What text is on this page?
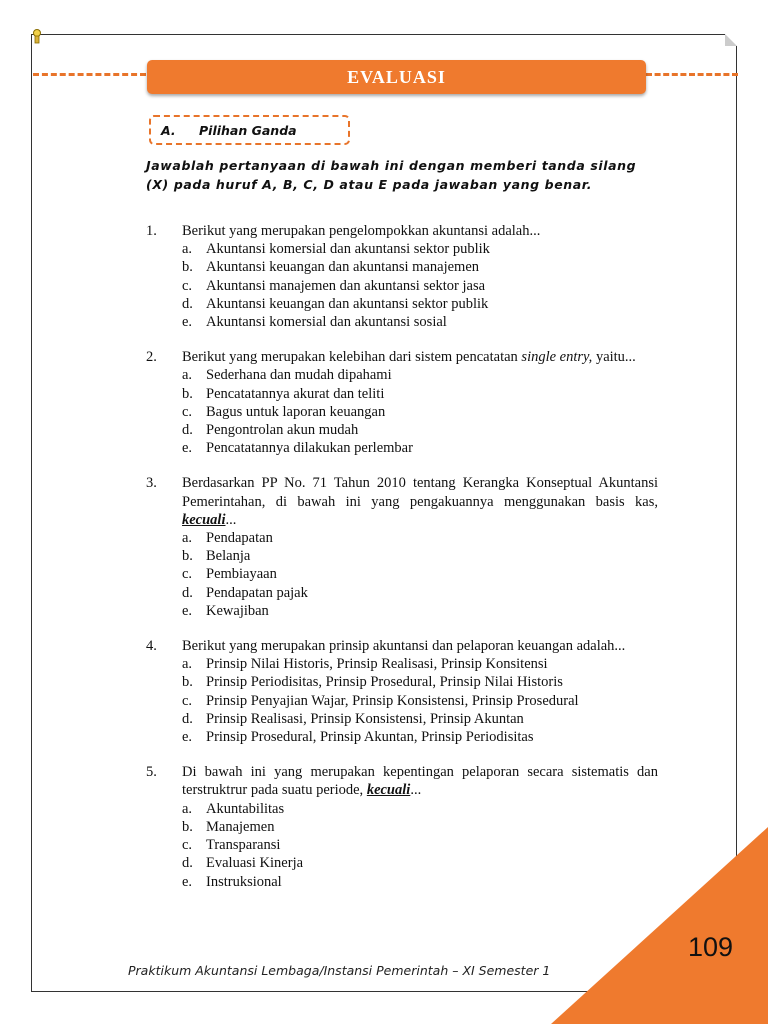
EVALUASI
A.	Pilihan Ganda
Jawablah pertanyaan di bawah ini dengan memberi tanda silang (X) pada huruf A, B, C, D atau E pada jawaban yang benar.
1. Berikut yang merupakan pengelompokkan akuntansi adalah...
a. Akuntansi komersial dan akuntansi sektor publik
b. Akuntansi keuangan dan akuntansi manajemen
c. Akuntansi manajemen dan akuntansi sektor jasa
d. Akuntansi keuangan dan akuntansi sektor publik
e. Akuntansi komersial dan akuntansi sosial
2. Berikut yang merupakan kelebihan dari sistem pencatatan single entry, yaitu...
a. Sederhana dan mudah dipahami
b. Pencatatannya akurat dan teliti
c. Bagus untuk laporan keuangan
d. Pengontrolan akun mudah
e. Pencatatannya dilakukan perlembar
3. Berdasarkan PP No. 71 Tahun 2010 tentang Kerangka Konseptual Akuntansi Pemerintahan, di bawah ini yang pengakuannya menggunakan basis kas, kecuali...
a. Pendapatan
b. Belanja
c. Pembiayaan
d. Pendapatan pajak
e. Kewajiban
4. Berikut yang merupakan prinsip akuntansi dan pelaporan keuangan adalah...
a. Prinsip Nilai Historis, Prinsip Realisasi, Prinsip Konsitensi
b. Prinsip Periodisitas, Prinsip Prosedural, Prinsip Nilai Historis
c. Prinsip Penyajian Wajar, Prinsip Konsistensi, Prinsip Prosedural
d. Prinsip Realisasi, Prinsip Konsistensi, Prinsip Akuntan
e. Prinsip Prosedural, Prinsip Akuntan, Prinsip Periodisitas
5. Di bawah ini yang merupakan kepentingan pelaporan secara sistematis dan terstruktrur pada suatu periode, kecuali...
a. Akuntabilitas
b. Manajemen
c. Transparansi
d. Evaluasi Kinerja
e. Instruksional
109
Praktikum Akuntansi Lembaga/Instansi Pemerintah – XI Semester 1
